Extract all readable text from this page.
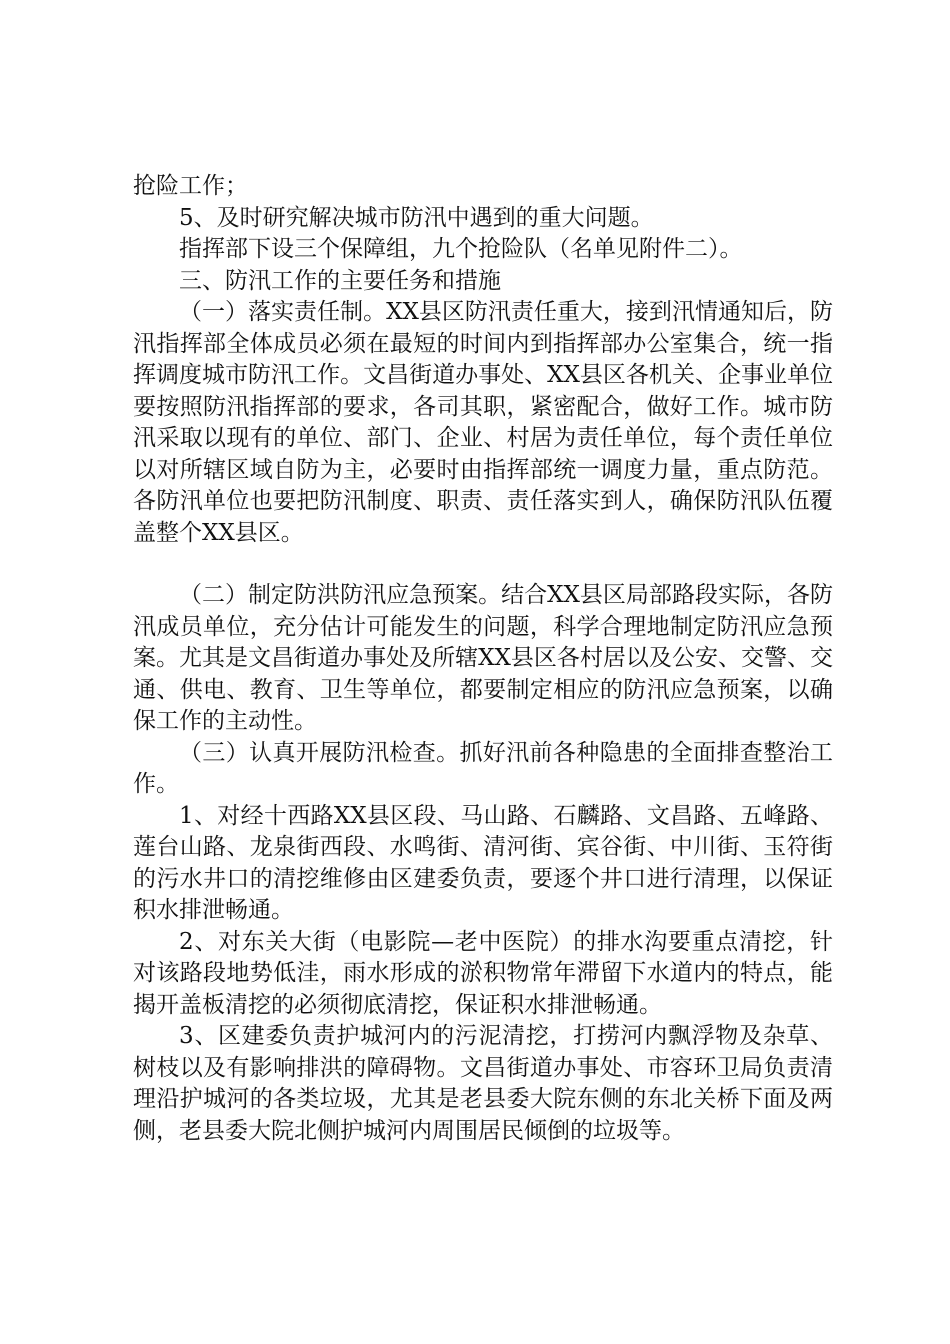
抢险工作；

5、及时研究解决城市防汛中遇到的重大问题。

指挥部下设三个保障组，九个抢险队（名单见附件二）。

三、防汛工作的主要任务和措施

（一）落实责任制。XX县区防汛责任重大，接到汛情通知后，防汛指挥部全体成员必须在最短的时间内到指挥部办公室集合，统一指挥调度城市防汛工作。文昌街道办事处、XX县区各机关、企事业单位要按照防汛指挥部的要求，各司其职，紧密配合，做好工作。城市防汛采取以现有的单位、部门、企业、村居为责任单位，每个责任单位以对所辖区域自防为主，必要时由指挥部统一调度力量，重点防范。各防汛单位也要把防汛制度、职责、责任落实到人，确保防汛队伍覆盖整个XX县区。

（二）制定防洪防汛应急预案。结合XX县区局部路段实际，各防汛成员单位，充分估计可能发生的问题，科学合理地制定防汛应急预案。尤其是文昌街道办事处及所辖XX县区各村居以及公安、交警、交通、供电、教育、卫生等单位，都要制定相应的防汛应急预案，以确保工作的主动性。

（三）认真开展防汛检查。抓好汛前各种隐患的全面排查整治工作。

1、对经十西路XX县区段、马山路、石麟路、文昌路、五峰路、莲台山路、龙泉街西段、水鸣街、清河街、宾谷街、中川街、玉符街的污水井口的清挖维修由区建委负责，要逐个井口进行清理，以保证积水排泄畅通。

2、对东关大街（电影院—老中医院）的排水沟要重点清挖，针对该路段地势低洼，雨水形成的淤积物常年滞留下水道内的特点，能揭开盖板清挖的必须彻底清挖，保证积水排泄畅通。

3、区建委负责护城河内的污泥清挖，打捞河内飘浮物及杂草、树枝以及有影响排洪的障碍物。文昌街道办事处、市容环卫局负责清理沿护城河的各类垃圾，尤其是老县委大院东侧的东北关桥下面及两侧，老县委大院北侧护城河内周围居民倾倒的垃圾等。
